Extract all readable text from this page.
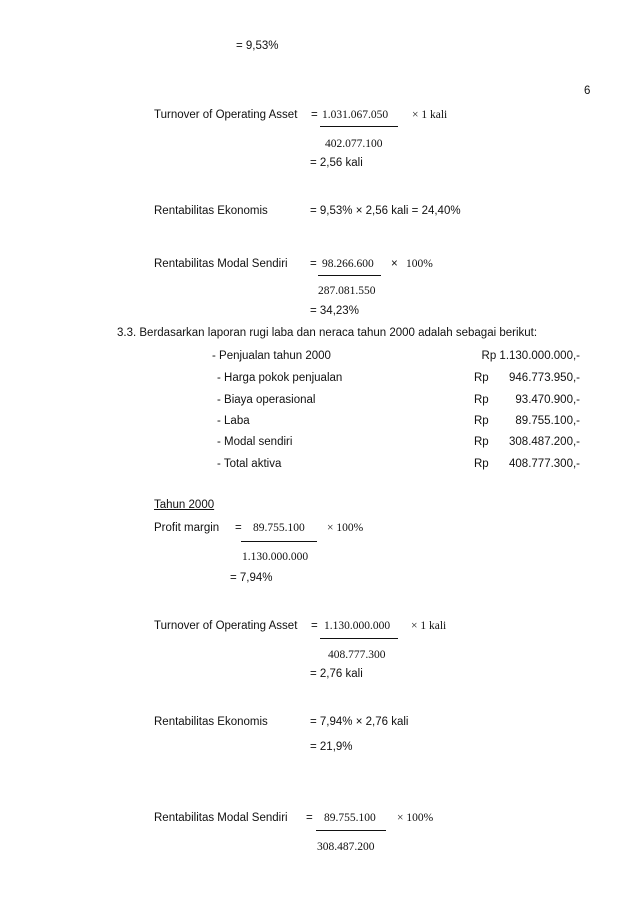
= 9,53%
6
Turnover of Operating Asset = 1.031.067.050 × 1 kali
402.077.100
= 2,56 kali
Rentabilitas Ekonomis	= 9,53% × 2,56 kali = 24,40%
Rentabilitas Modal Sendiri = 98.266.600 × 100%
287.081.550
= 34,23%
3.3. Berdasarkan laporan rugi laba dan neraca tahun 2000 adalah sebagai berikut:
- Penjualan tahun 2000	Rp 1.130.000.000,-
- Harga pokok penjualan	Rp 946.773.950,-
- Biaya operasional	Rp 93.470.900,-
- Laba	Rp 89.755.100,-
- Modal sendiri	Rp 308.487.200,-
- Total aktiva	Rp 408.777.300,-
Tahun 2000
Profit margin = 89.755.100 × 100%
1.130.000.000
= 7,94%
Turnover of Operating Asset = 1.130.000.000 × 1 kali
408.777.300
= 2,76 kali
Rentabilitas Ekonomis	= 7,94% × 2,76 kali
= 21,9%
Rentabilitas Modal Sendiri = 89.755.100 × 100%
308.487.200
